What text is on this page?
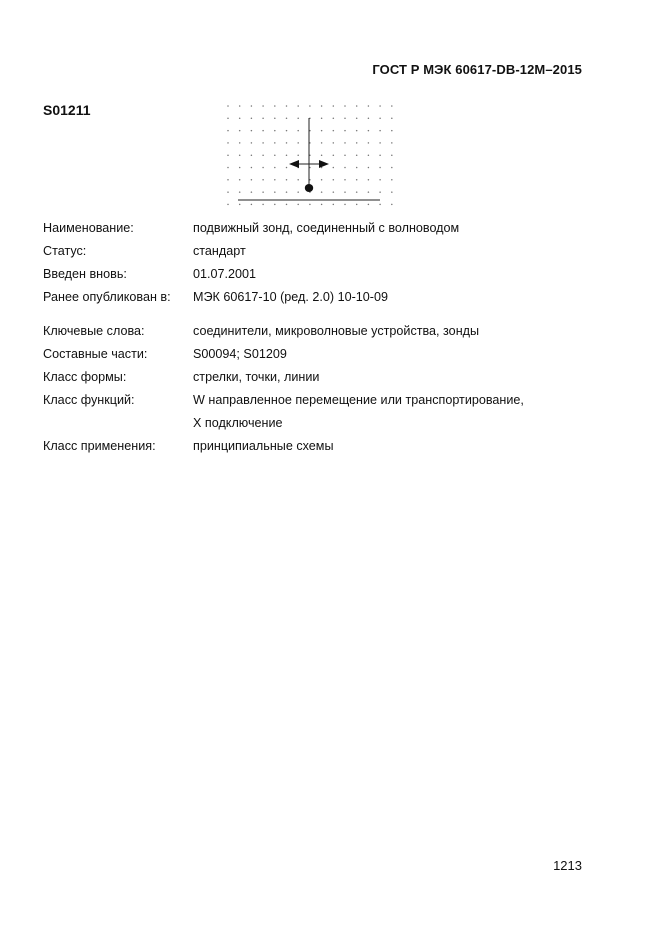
ГОСТ Р МЭК 60617-DB-12M–2015
S01211
Наименование:	подвижный зонд, соединенный с волноводом
Статус:	стандарт
Введен вновь:	01.07.2001
Ранее опубликован в: МЭК 60617-10 (ред. 2.0) 10-10-09
Ключевые слова:	соединители, микроволновые устройства, зонды
Составные части:	S00094; S01209
Класс формы:	стрелки, точки, линии
Класс функций:	W направленное перемещение или транспортирование,
X подключение
Класс применения:	принципиальные схемы
1213
